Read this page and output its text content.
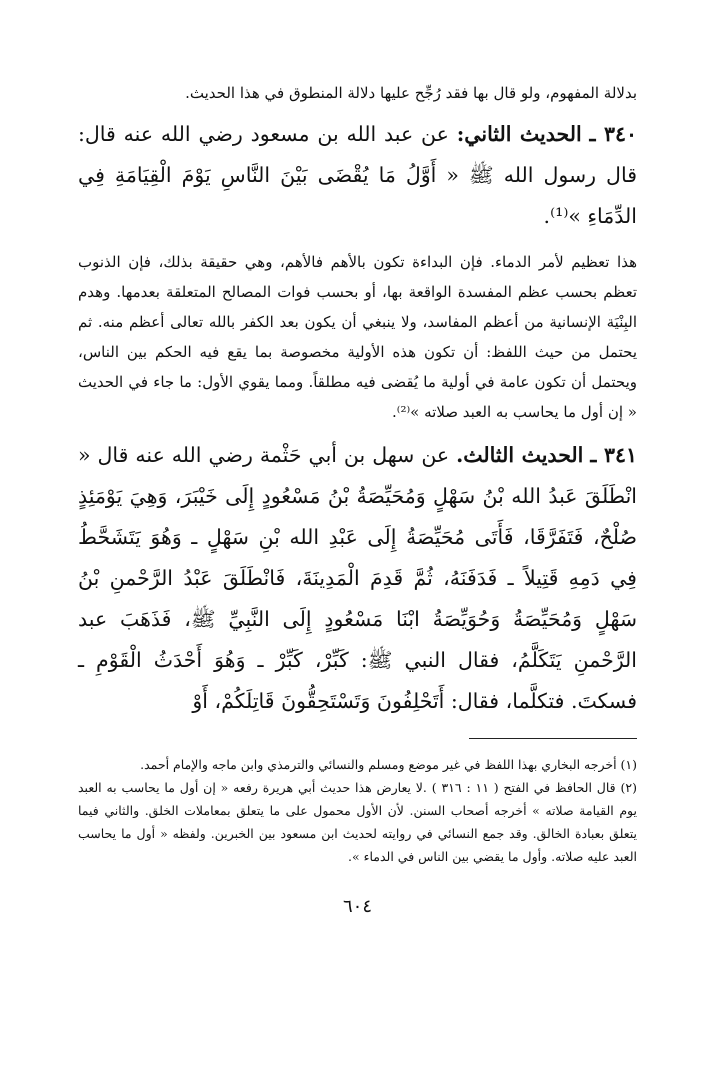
بدلالة المفهوم، ولو قال بها فقد رُجِّح عليها دلالة المنطوق في هذا الحديث.

٣٤٠ ـ الحديث الثاني: عن عبد الله بن مسعود رضي الله عنه قال: قال رسول الله ﷺ « أَوَّلُ مَا يُقْضَى بَيْنَ النَّاسِ يَوْمَ الْقِيَامَةِ فِي الدِّمَاءِ »⁽¹⁾.

هذا تعظيم لأمر الدماء. فإن البداءة تكون بالأهم فالأهم، وهي حقيقة بذلك، فإن الذنوب تعظم بحسب عظم المفسدة الواقعة بها، أو بحسب فوات المصالح المتعلقة بعدمها. وهدم البِنْيَة الإنسانية من أعظم المفاسد، ولا ينبغي أن يكون بعد الكفر بالله تعالى أعظم منه. ثم يحتمل من حيث اللفظ: أن تكون هذه الأولية مخصوصة بما يقع فيه الحكم بين الناس، ويحتمل أن تكون عامة في أولية ما يُقضى فيه مطلقاً. ومما يقوي الأول: ما جاء في الحديث « إن أول ما يحاسب به العبد صلاته »⁽²⁾.

٣٤١ ـ الحديث الثالث. عن سهل بن أبي حَثْمة رضي الله عنه قال « انْطَلَقَ عَبدُ الله بْنُ سَهْلٍ وَمُحَيِّصَةُ بْنُ مَسْعُودٍ إِلَى خَيْبَرَ، وَهِيَ يَوْمَئِذٍ صُلْحٌ، فَتَفَرَّقَا، فَأَتَى مُحَيِّصَةُ إِلَى عَبْدِ الله بْنِ سَهْلٍ ـ وَهُوَ يَتَشَحَّطُ فِي دَمِهِ قَتِيلاً ـ فَدَفَنَهُ، ثُمَّ قَدِمَ الْمَدِينَةَ، فَانْطَلَقَ عَبْدُ الرَّحْمنِ بْنُ سَهْلٍ وَمُحَيِّصَةُ وَحُوَيِّصَةُ ابْنَا مَسْعُودٍ إِلَى النَّبِيِّ ﷺ، فَذَهَبَ عبد الرَّحْمنِ يَتَكَلَّمُ، فقال النبي ﷺ: كَبِّرْ، كَبِّرْ ـ وَهُوَ أَحْدَثُ الْقَوْمِ ـ فسكتَ. فتكلَّما، فقال: أَتَحْلِفُونَ وَتَسْتَحِقُّونَ قَاتِلَكُمْ، أَوْ

(١) أخرجه البخاري بهذا اللفظ في غير موضع ومسلم والنسائي والترمذي وابن ماجه والإمام أحمد.

(٢) قال الحافظ في الفتح ( ١١ : ٣١٦ ) .لا يعارض هذا حديث أبي هريرة رفعه « إن أول ما يحاسب به العبد يوم القيامة صلاته » أخرجه أصحاب السنن. لأن الأول محمول على ما يتعلق بمعاملات الخلق. والثاني فيما يتعلق بعبادة الخالق. وقد جمع النسائي في روايته لحديث ابن مسعود بين الخبرين. ولفظه « أول ما يحاسب العبد عليه صلاته. وأول ما يقضي بين الناس في الدماء ».

٦٠٤
